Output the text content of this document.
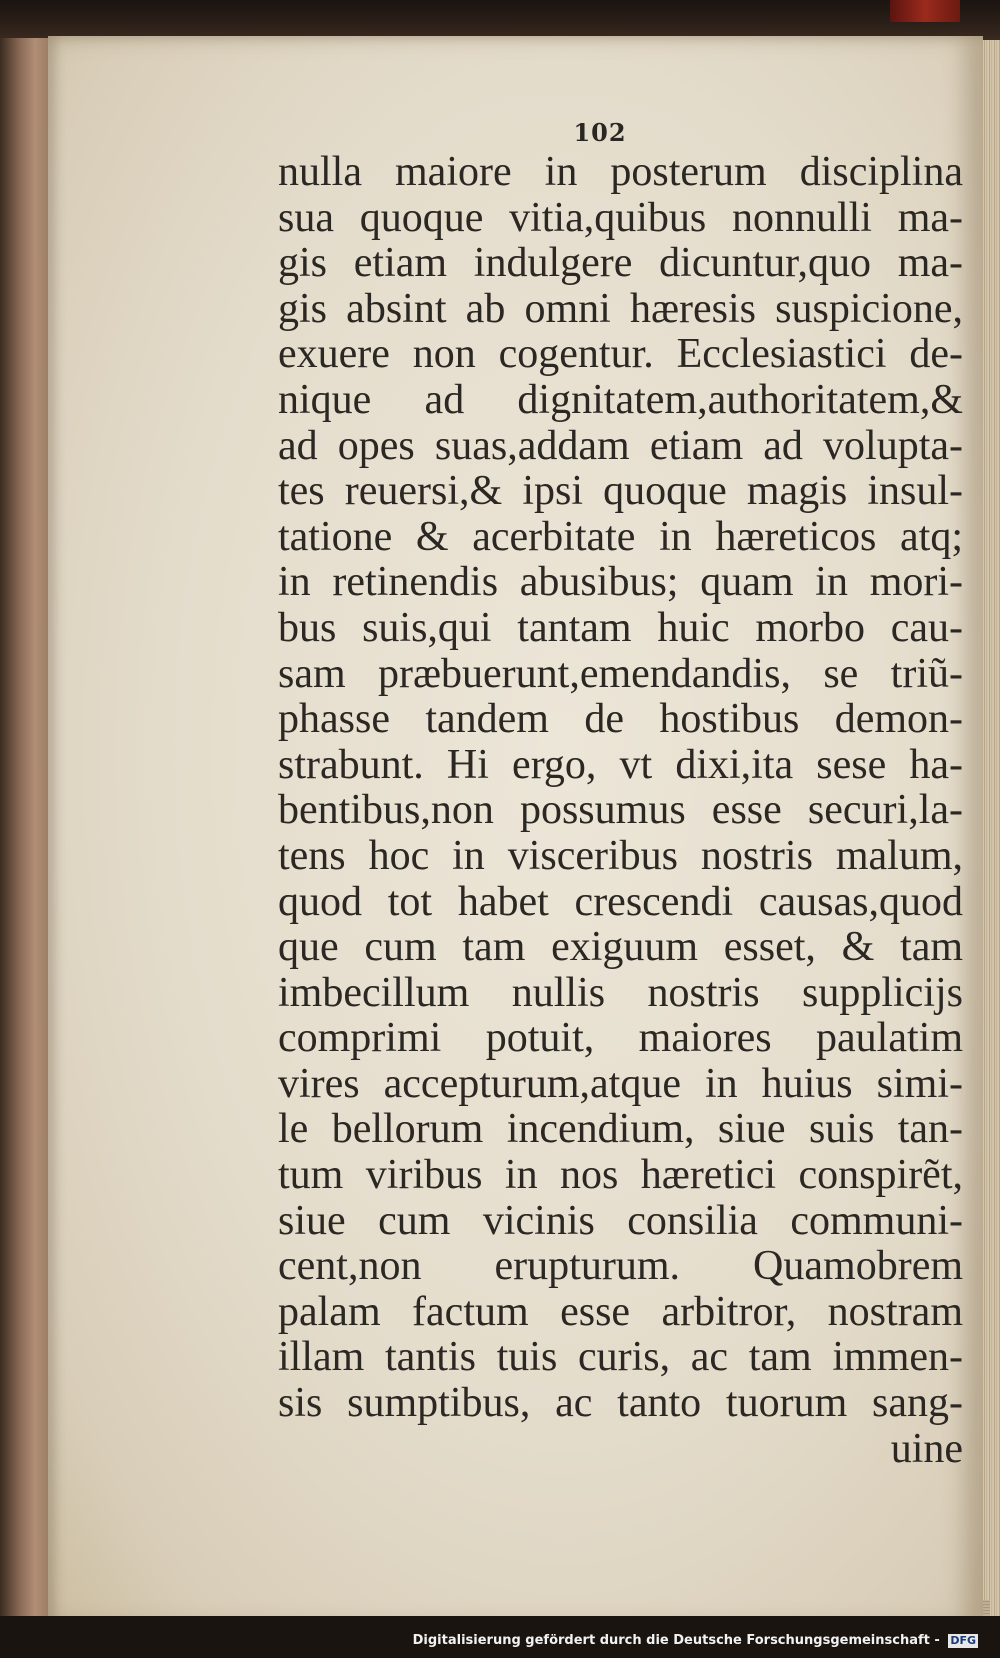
102
nulla maiore in posterum disciplina
sua quoque vitia,quibus nonnulli ma-
gis etiam indulgere dicuntur,quo ma-
gis absint ab omni hæresis suspicione,
exuere non cogentur. Ecclesiastici de-
nique ad dignitatem,authoritatem,&
ad opes suas,addam etiam ad volupta-
tes reuersi,& ipsi quoque magis insul-
tatione & acerbitate in hæreticos atq;
in retinendis abusibus; quam in mori-
bus suis,qui tantam huic morbo cau-
sam præbuerunt,emendandis, se triũ-
phasse tandem de hostibus demon-
strabunt. Hi ergo, vt dixi,ita sese ha-
bentibus,non possumus esse securi,la-
tens hoc in visceribus nostris malum,
quod tot habet crescendi causas,quod
que cum tam exiguum esset, & tam
imbecillum nullis nostris supplicijs
comprimi potuit, maiores paulatim
vires accepturum,atque in huius simi-
le bellorum incendium, siue suis tan-
tum viribus in nos hæretici conspirẽt,
siue cum vicinis consilia communi-
cent,non erupturum. Quamobrem
palam factum esse arbitror, nostram
illam tantis tuis curis, ac tam immen-
sis sumptibus, ac tanto tuorum sang-
uine
Digitalisierung gefördert durch die Deutsche Forschungsgemeinschaft - DFG
